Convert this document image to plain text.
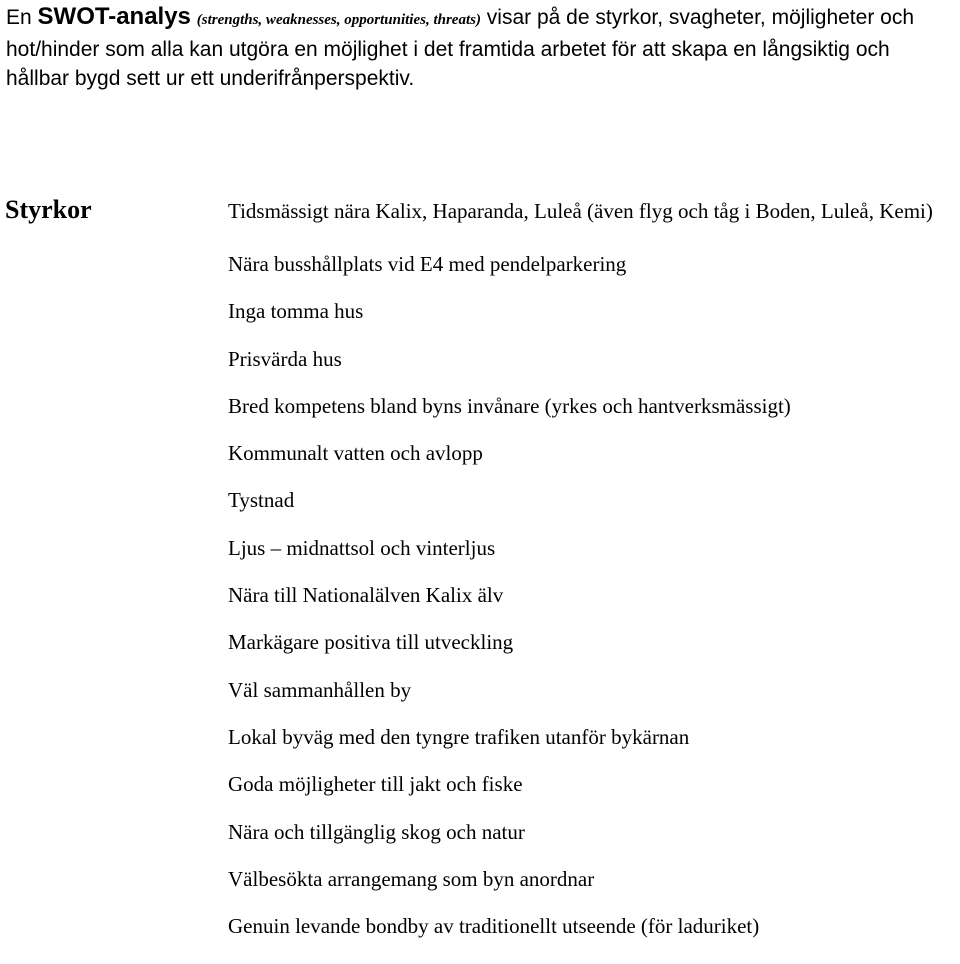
En SWOT-analys (strengths, weaknesses, opportunities, threats) visar på de styrkor, svagheter, möjligheter och hot/hinder som alla kan utgöra en möjlighet i det framtida arbetet för att skapa en långsiktig och hållbar bygd sett ur ett underifrånperspektiv.
Styrkor	Tidsmässigt nära Kalix, Haparanda, Luleå (även flyg och tåg i Boden, Luleå, Kemi)
Nära busshållplats vid E4 med pendelparkering
Inga tomma hus
Prisvärda hus
Bred kompetens bland byns invånare (yrkes och hantverksmässigt)
Kommunalt vatten och avlopp
Tystnad
Ljus – midnattsol och vinterljus
Nära till Nationalälven Kalix älv
Markägare positiva till utveckling
Väl sammanhållen by
Lokal byväg med den tyngre trafiken utanför bykärnan
Goda möjligheter till jakt och fiske
Nära och tillgänglig skog och natur
Välbesökta arrangemang som byn anordnar
Genuin levande bondby av traditionellt utseende (för laduriket)
